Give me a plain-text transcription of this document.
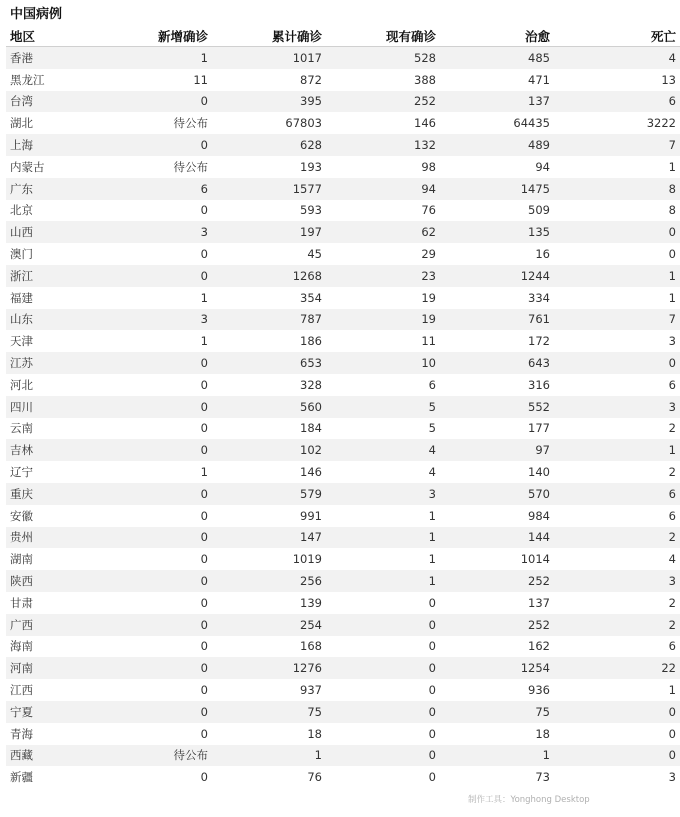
中国病例
地区	新增确诊	累计确诊	现有确诊	治愈	死亡
香港	1	1017	528	485	4
黑龙江	11	872	388	471	13
台湾	0	395	252	137	6
湖北	待公布	67803	146	64435	3222
上海	0	628	132	489	7
内蒙古	待公布	193	98	94	1
广东	6	1577	94	1475	8
北京	0	593	76	509	8
山西	3	197	62	135	0
澳门	0	45	29	16	0
浙江	0	1268	23	1244	1
福建	1	354	19	334	1
山东	3	787	19	761	7
天津	1	186	11	172	3
江苏	0	653	10	643	0
河北	0	328	6	316	6
四川	0	560	5	552	3
云南	0	184	5	177	2
吉林	0	102	4	97	1
辽宁	1	146	4	140	2
重庆	0	579	3	570	6
安徽	0	991	1	984	6
贵州	0	147	1	144	2
湖南	0	1019	1	1014	4
陕西	0	256	1	252	3
甘肃	0	139	0	137	2
广西	0	254	0	252	2
海南	0	168	0	162	6
河南	0	1276	0	1254	22
江西	0	937	0	936	1
宁夏	0	75	0	75	0
青海	0	18	0	18	0
西藏	待公布	1	0	1	0
新疆	0	76	0	73	3
制作工具：Yonghong Desktop
